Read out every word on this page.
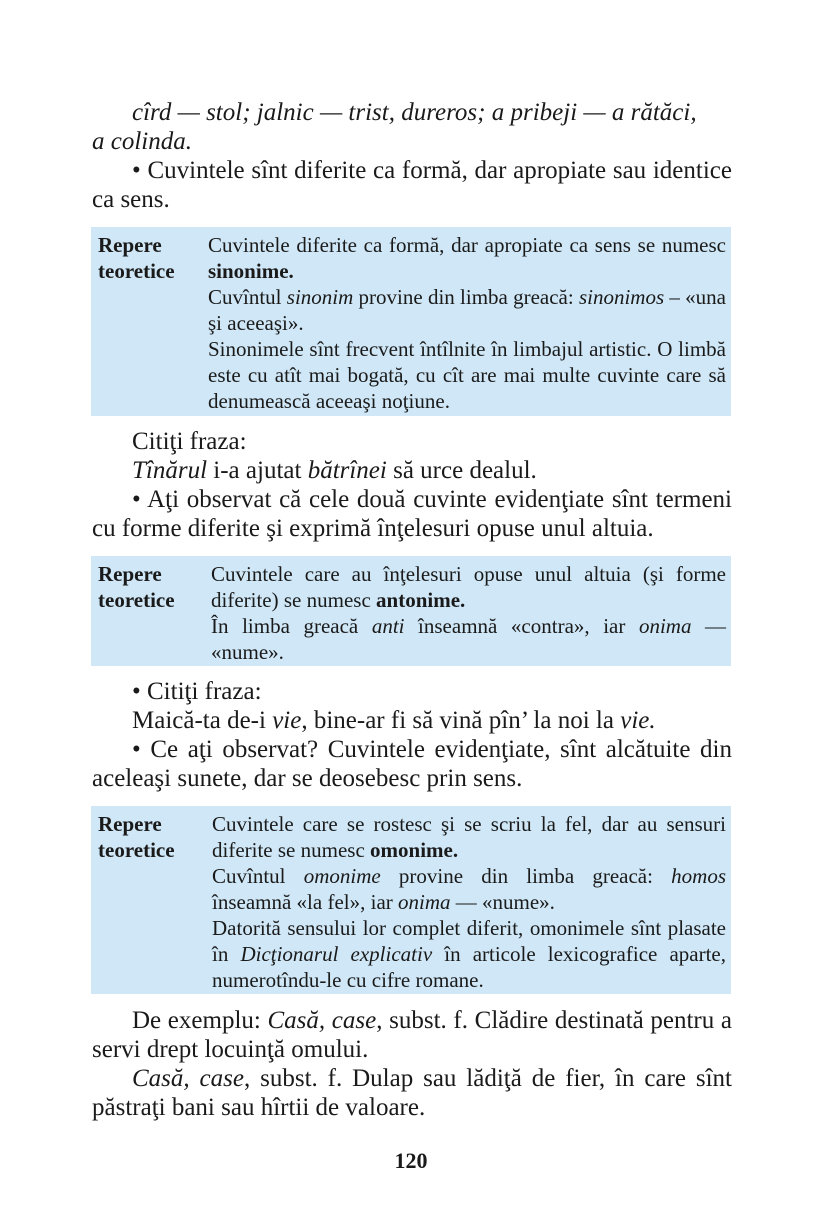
cîrd — stol; jalnic — trist, dureros; a pribeji — a rătăci,
a colinda.
• Cuvintele sînt diferite ca formă, dar apropiate sau identice ca sens.
Repere
teoretice
Cuvintele diferite ca formă, dar apropiate ca sens se numesc sinonime.
Cuvîntul sinonim provine din limba greacă: sinonimos – «una şi aceeaşi».
Sinonimele sînt frecvent întîlnite în limbajul artistic. O limbă este cu atît mai bogată, cu cît are mai multe cuvinte care să denumească aceeaşi noţiune.
Citiţi fraza:
Tînărul i-a ajutat bătrînei să urce dealul.
• Aţi observat că cele două cuvinte evidenţiate sînt termeni cu forme diferite şi exprimă înţelesuri opuse unul altuia.
Repere
teoretice
Cuvintele care au înţelesuri opuse unul altuia (şi forme diferite) se numesc antonime.
În limba greacă anti înseamnă «contra», iar onima — «nume».
• Citiţi fraza:
Maică-ta de-i vie, bine-ar fi să vină pîn’ la noi la vie.
• Ce aţi observat? Cuvintele evidenţiate, sînt alcătuite din aceleaşi sunete, dar se deosebesc prin sens.
Repere
teoretice
Cuvintele care se rostesc şi se scriu la fel, dar au sensuri diferite se numesc omonime.
Cuvîntul omonime provine din limba greacă: homos înseamnă «la fel», iar onima — «nume».
Datorită sensului lor complet diferit, omonimele sînt plasate în Dicţionarul explicativ în articole lexicografice aparte, numerotîndu-le cu cifre romane.
De exemplu: Casă, case, subst. f. Clădire destinată pentru a servi drept locuinţă omului.
Casă, case, subst. f. Dulap sau lădiţă de fier, în care sînt păstraţi bani sau hîrtii de valoare.
120
